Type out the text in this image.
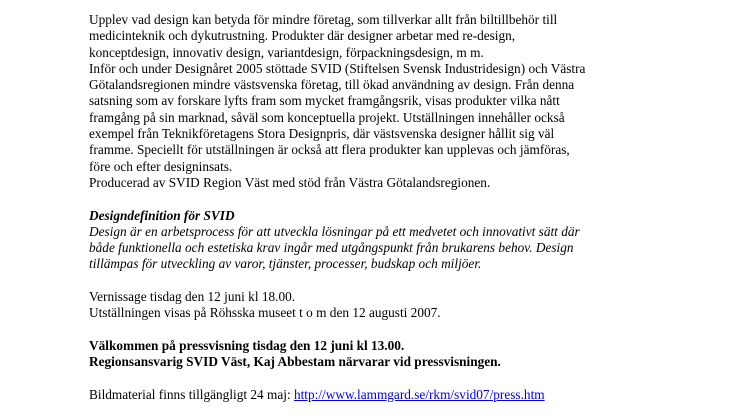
Upplev vad design kan betyda för mindre företag, som tillverkar allt från biltillbehör till
medicinteknik och dykutrustning. Produkter där designer arbetar med re-design,
konceptdesign, innovativ design, variantdesign, förpackningsdesign, m m.
Inför och under Designåret 2005 stöttade SVID (Stiftelsen Svensk Industridesign) och Västra
Götalandsregionen mindre västsvenska företag, till ökad användning av design. Från denna
satsning som av forskare lyfts fram som mycket framgångsrik, visas produkter vilka nått
framgång på sin marknad, såväl som konceptuella projekt. Utställningen innehåller också
exempel från Teknikföretagens Stora Designpris, där västsvenska designer hållit sig väl
framme. Speciellt för utställningen är också att flera produkter kan upplevas och jämföras,
före och efter designinsats.
Producerad av SVID Region Väst med stöd från Västra Götalandsregionen.
Designdefinition för SVID
Design är en arbetsprocess för att utveckla lösningar på ett medvetet och innovativt sätt där
både funktionella och estetiska krav ingår med utgångspunkt från brukarens behov. Design
tillämpas för utveckling av varor, tjänster, processer, budskap och miljöer.
Vernissage tisdag den 12 juni kl 18.00.
Utställningen visas på Röhsska museet t o m den 12 augusti 2007.
Välkommen på pressvisning tisdag den 12 juni kl 13.00.
Regionsansvarig SVID Väst, Kaj Abbestam närvarar vid pressvisningen.
Bildmaterial finns tillgängligt 24 maj: http://www.lammgard.se/rkm/svid07/press.htm
